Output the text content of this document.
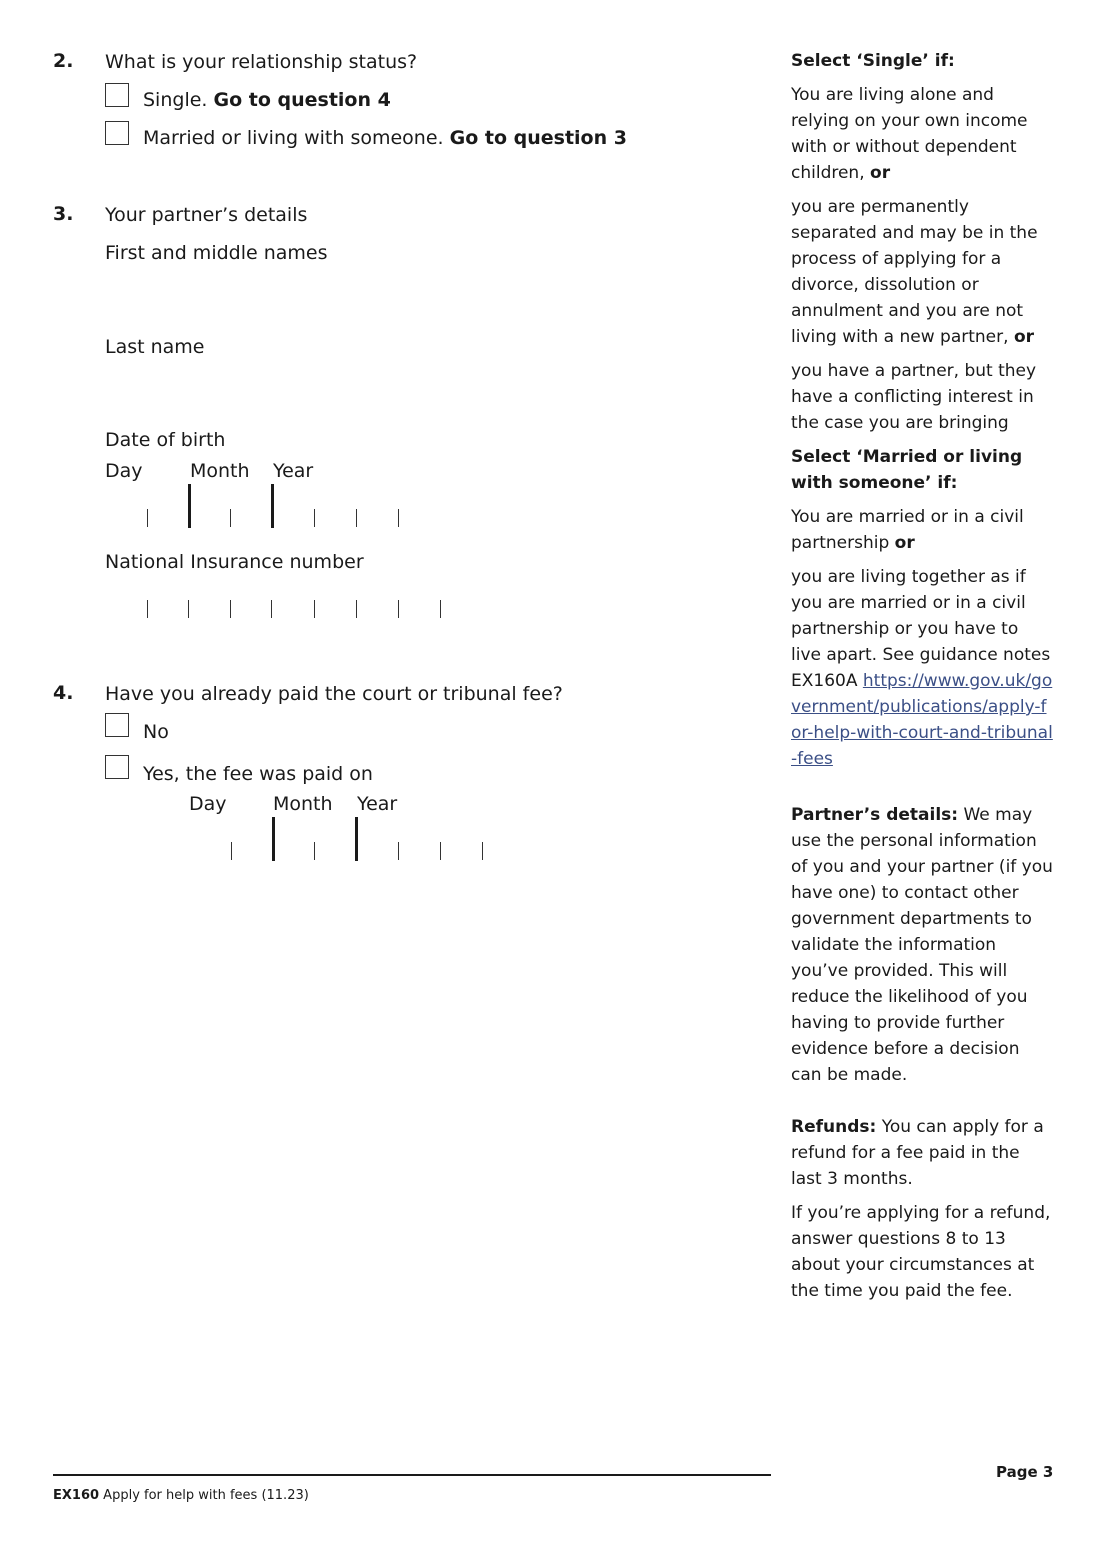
2. What is your relationship status?
Single. Go to question 4
Married or living with someone. Go to question 3
3. Your partner’s details
First and middle names
Last name
Date of birth
Day Month Year
National Insurance number
4. Have you already paid the court or tribunal fee?
No
Yes, the fee was paid on
Day Month Year

Select ‘Single’ if:

You are living alone and relying on your own income with or without dependent children, or

you are permanently separated and may be in the process of applying for a divorce, dissolution or annulment and you are not living with a new partner, or

you have a partner, but they have a conflicting interest in the case you are bringing

Select ‘Married or living with someone’ if:

You are married or in a civil partnership or

you are living together as if you are married or in a civil partnership or you have to live apart. See guidance notes EX160A https://www.gov.uk/government/publications/apply-for-help-with-court-and-tribunal-fees

Partner’s details: We may use the personal information of you and your partner (if you have one) to contact other government departments to validate the information you’ve provided. This will reduce the likelihood of you having to provide further evidence before a decision can be made.

Refunds: You can apply for a refund for a fee paid in the last 3 months.

If you’re applying for a refund, answer questions 8 to 13 about your circumstances at the time you paid the fee.

EX160 Apply for help with fees (11.23)
Page 3
